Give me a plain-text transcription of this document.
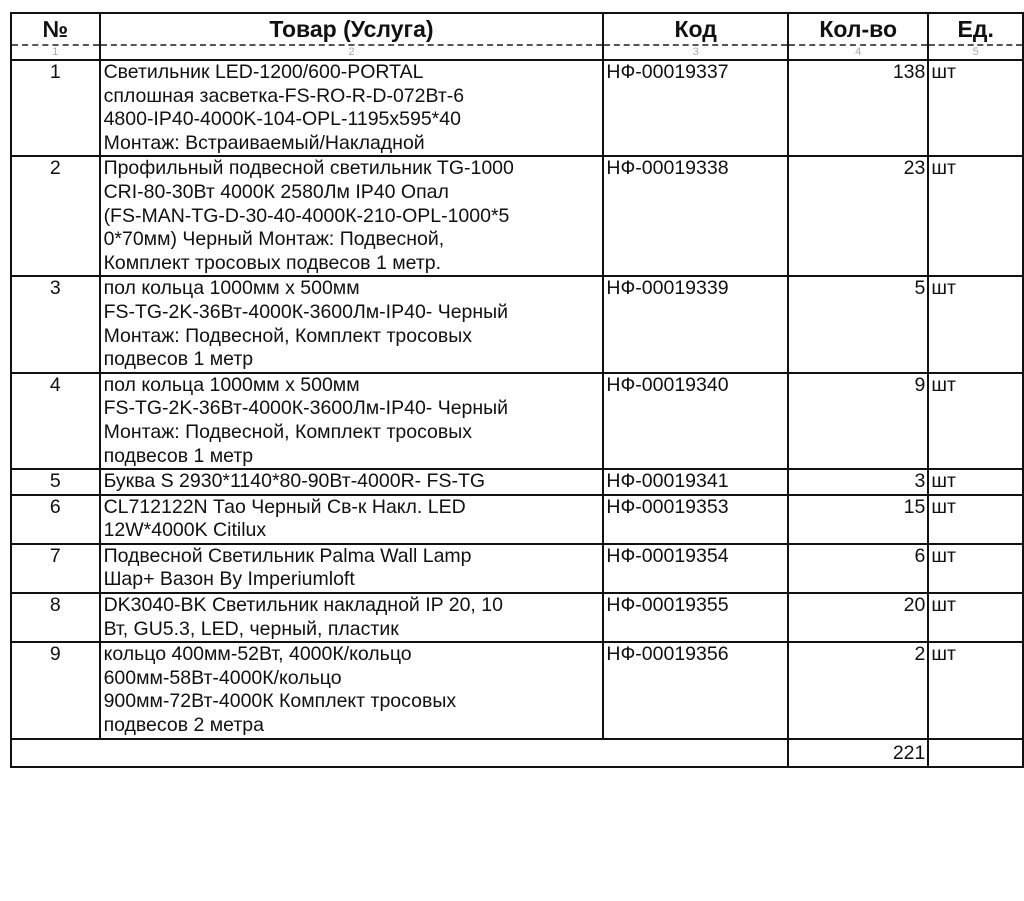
№	Товар (Услуга)	Код	Кол-во	Ед.
1	2	3	4	5
1	Светильник LED-1200/600-PORTAL
сплошная засветка-FS-RO-R-D-072Вт-6
4800-IP40-4000K-104-OPL-1195x595*40
Монтаж: Встраиваемый/Накладной	НФ-00019337	138	шт
2	Профильный подвесной светильник TG-1000
CRI-80-30Вт 4000К 2580Лм IP40 Опал
(FS-MAN-TG-D-30-40-4000К-210-OPL-1000*5
0*70мм) Черный Монтаж: Подвесной,
Комплект тросовых подвесов 1 метр.	НФ-00019338	23	шт
3	пол кольца 1000мм х 500мм
FS-TG-2K-36Вт-4000К-3600Лм-IP40- Черный
Монтаж: Подвесной, Комплект тросовых
подвесов 1 метр	НФ-00019339	5	шт
4	пол кольца 1000мм х 500мм
FS-TG-2K-36Вт-4000К-3600Лм-IP40- Черный
Монтаж: Подвесной, Комплект тросовых
подвесов 1 метр	НФ-00019340	9	шт
5	Буква S 2930*1140*80-90Вт-4000R- FS-TG	НФ-00019341	3	шт
6	CL712122N Тао Черный Св-к Накл. LED
12W*4000K Citilux	НФ-00019353	15	шт
7	Подвесной Светильник Palma Wall Lamp
Шар+ Вазон By Imperiumloft	НФ-00019354	6	шт
8	DK3040-BK Светильник накладной IP 20, 10
Вт, GU5.3, LED, черный, пластик	НФ-00019355	20	шт
9	кольцо 400мм-52Вт, 4000К/кольцо
600мм-58Вт-4000К/кольцо
900мм-72Вт-4000К Комплект тросовых
подвесов 2 метра	НФ-00019356	2	шт
			221	
